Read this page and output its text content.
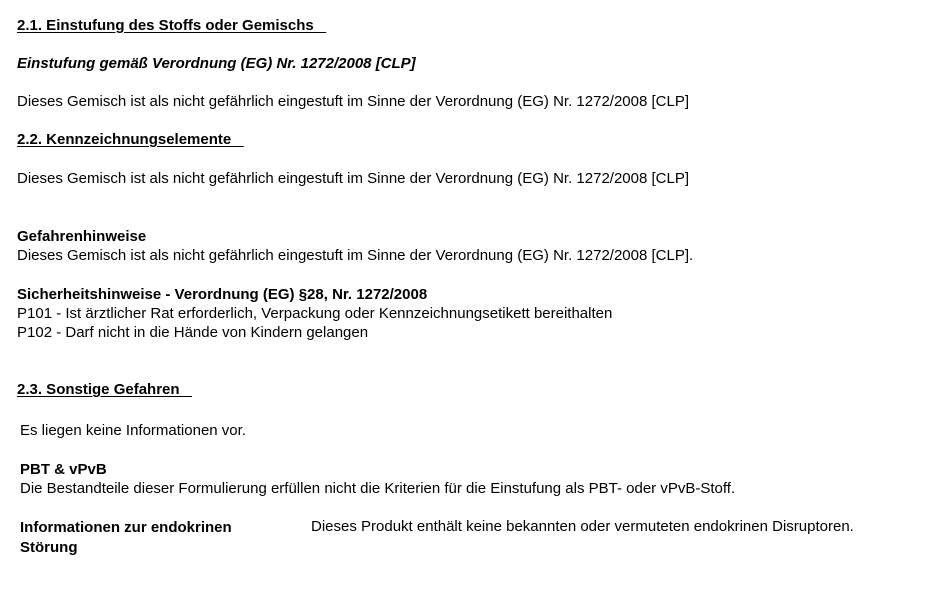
2.1. Einstufung des Stoffs oder Gemischs
Einstufung gemäß Verordnung (EG) Nr. 1272/2008 [CLP]
Dieses Gemisch ist als nicht gefährlich eingestuft im Sinne der Verordnung (EG) Nr. 1272/2008 [CLP]
2.2. Kennzeichnungselemente
Dieses Gemisch ist als nicht gefährlich eingestuft im Sinne der Verordnung (EG) Nr. 1272/2008 [CLP]
Gefahrenhinweise
Dieses Gemisch ist als nicht gefährlich eingestuft im Sinne der Verordnung (EG) Nr. 1272/2008 [CLP].
Sicherheitshinweise - Verordnung (EG) §28, Nr. 1272/2008
P101 - Ist ärztlicher Rat erforderlich, Verpackung oder Kennzeichnungsetikett bereithalten
P102 - Darf nicht in die Hände von Kindern gelangen
2.3. Sonstige Gefahren
Es liegen keine Informationen vor.
PBT & vPvB
Die Bestandteile dieser Formulierung erfüllen nicht die Kriterien für die Einstufung als PBT- oder vPvB-Stoff.
Informationen zur endokrinen Störung
Dieses Produkt enthält keine bekannten oder vermuteten endokrinen Disruptoren.
